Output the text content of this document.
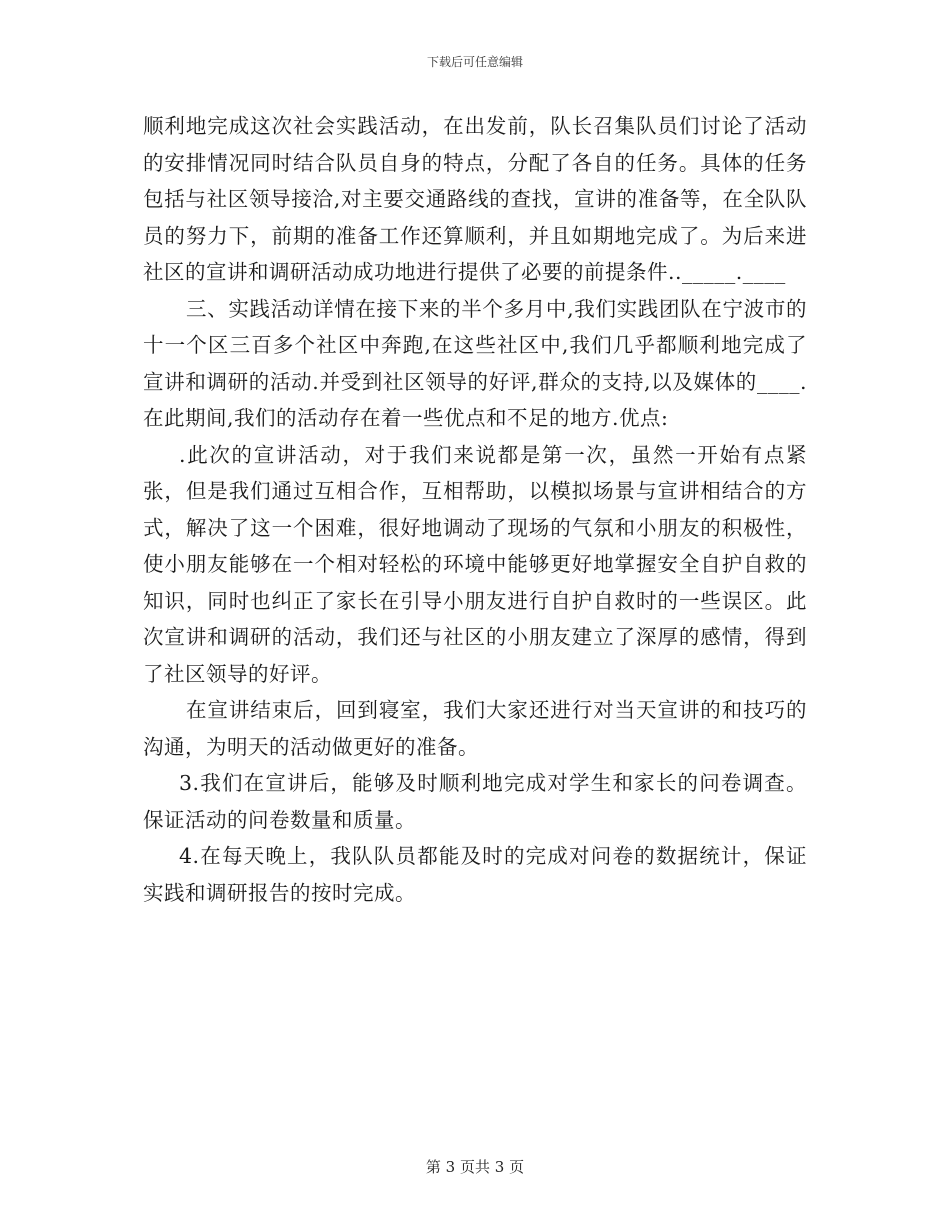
下载后可任意编辑

顺利地完成这次社会实践活动，在出发前，队长召集队员们讨论了活动的安排情况同时结合队员自身的特点，分配了各自的任务。具体的任务包括与社区领导接洽,对主要交通路线的查找，宣讲的准备等，在全队队员的努力下，前期的准备工作还算顺利，并且如期地完成了。为后来进社区的宣讲和调研活动成功地进行提供了必要的前提条件.._____.____

三、实践活动详情在接下来的半个多月中,我们实践团队在宁波市的十一个区三百多个社区中奔跑,在这些社区中,我们几乎都顺利地完成了宣讲和调研的活动.并受到社区领导的好评,群众的支持,以及媒体的____.在此期间,我们的活动存在着一些优点和不足的地方.优点:

.此次的宣讲活动，对于我们来说都是第一次，虽然一开始有点紧张，但是我们通过互相合作，互相帮助，以模拟场景与宣讲相结合的方式，解决了这一个困难，很好地调动了现场的气氛和小朋友的积极性，使小朋友能够在一个相对轻松的环境中能够更好地掌握安全自护自救的知识，同时也纠正了家长在引导小朋友进行自护自救时的一些误区。此次宣讲和调研的活动，我们还与社区的小朋友建立了深厚的感情，得到了社区领导的好评。

在宣讲结束后，回到寝室，我们大家还进行对当天宣讲的和技巧的沟通，为明天的活动做更好的准备。

3.我们在宣讲后，能够及时顺利地完成对学生和家长的问卷调查。保证活动的问卷数量和质量。

4.在每天晚上，我队队员都能及时的完成对问卷的数据统计，保证实践和调研报告的按时完成。

第 3 页共 3 页
